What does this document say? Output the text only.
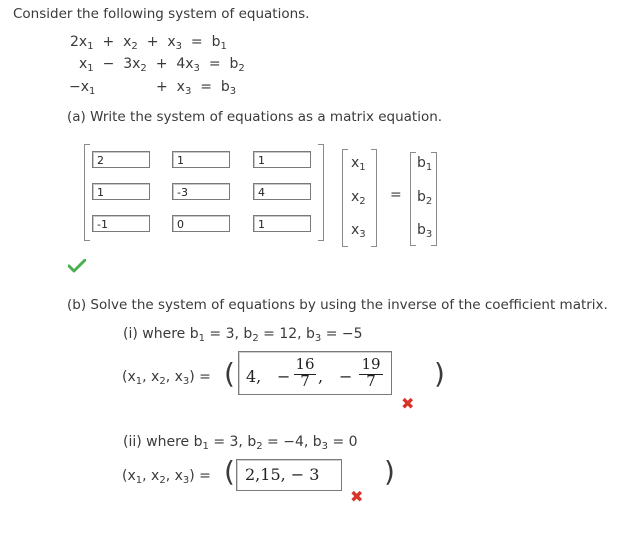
Consider the following system of equations.
$2x_1 + x_2 + x_3 = b_1$
$x_1 - 3x_2 + 4x_3 = b_2$
$-x_1$	+ $x_3 = b_3$
(a) Write the system of equations as a matrix equation.
2	1	1
1	-3	4
-1	0	1
$x_1$
$x_2$
$x_3$
=
$b_1$
$b_2$
$b_3$
(b) Solve the system of equations by using the inverse of the coefficient matrix.
(i) where $b_1 = 3$, $b_2 = 12$, $b_3 = -5$
($x_1$, $x_2$, $x_3$) = ( 4, −
16
7 , −
19
7 )
✖
(ii) where $b_1 = 3$, $b_2 = -4$, $b_3 = 0$
($x_1$, $x_2$, $x_3$) = ( 2,15, − 3 )
✖
